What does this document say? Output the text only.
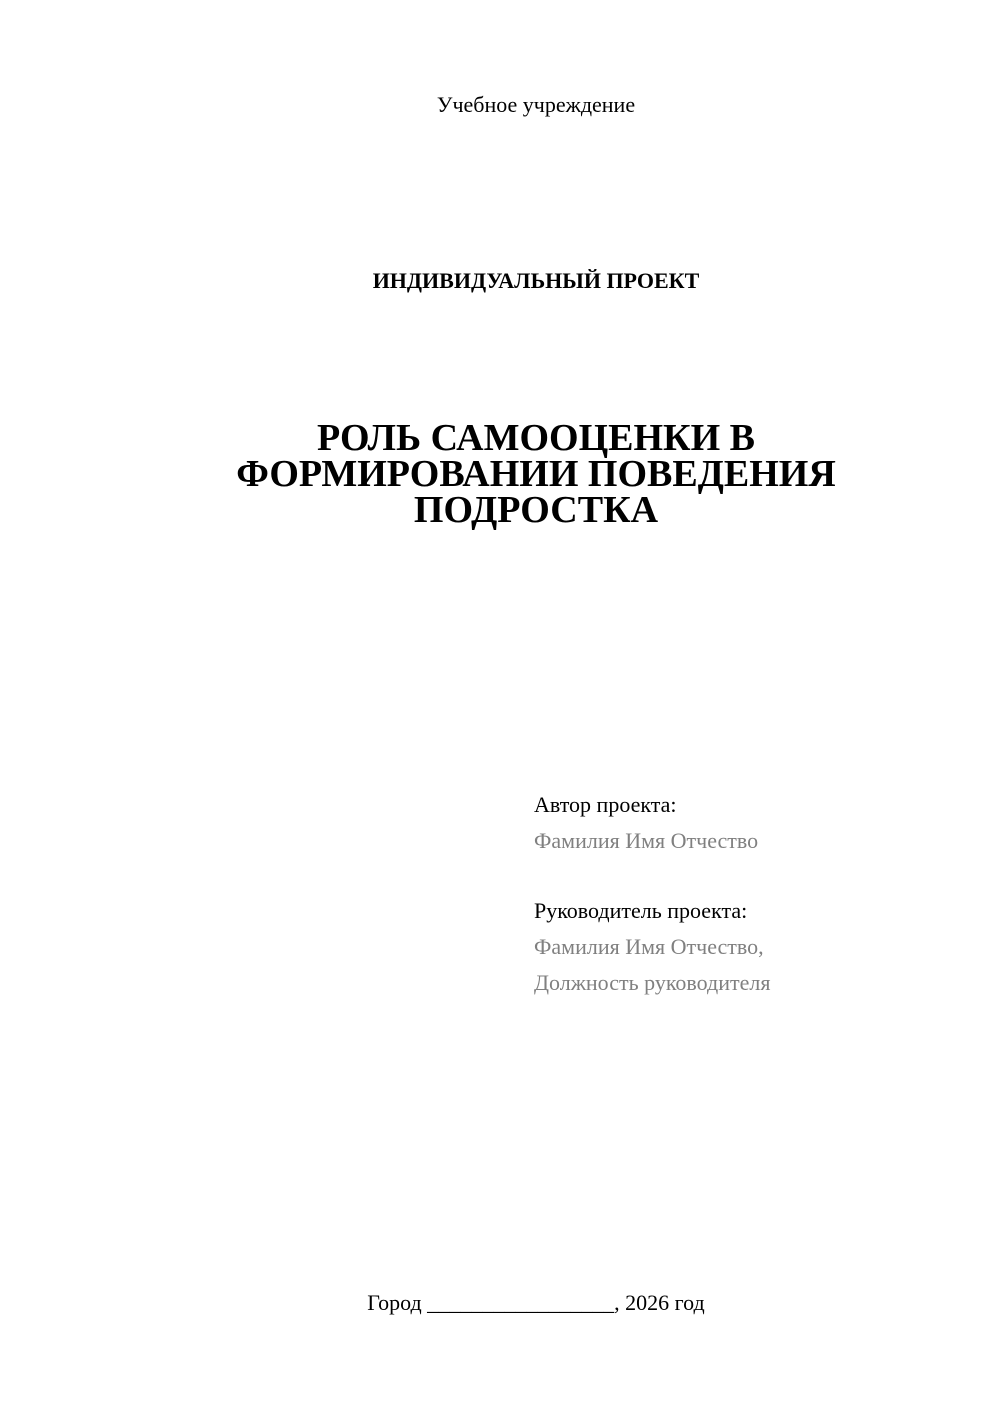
Учебное учреждение
ИНДИВИДУАЛЬНЫЙ ПРОЕКТ
РОЛЬ САМООЦЕНКИ В
ФОРМИРОВАНИИ ПОВЕДЕНИЯ
ПОДРОСТКА
Автор проекта:
Фамилия Имя Отчество
Руководитель проекта:
Фамилия Имя Отчество,
Должность руководителя
Город _________________, 2026 год
